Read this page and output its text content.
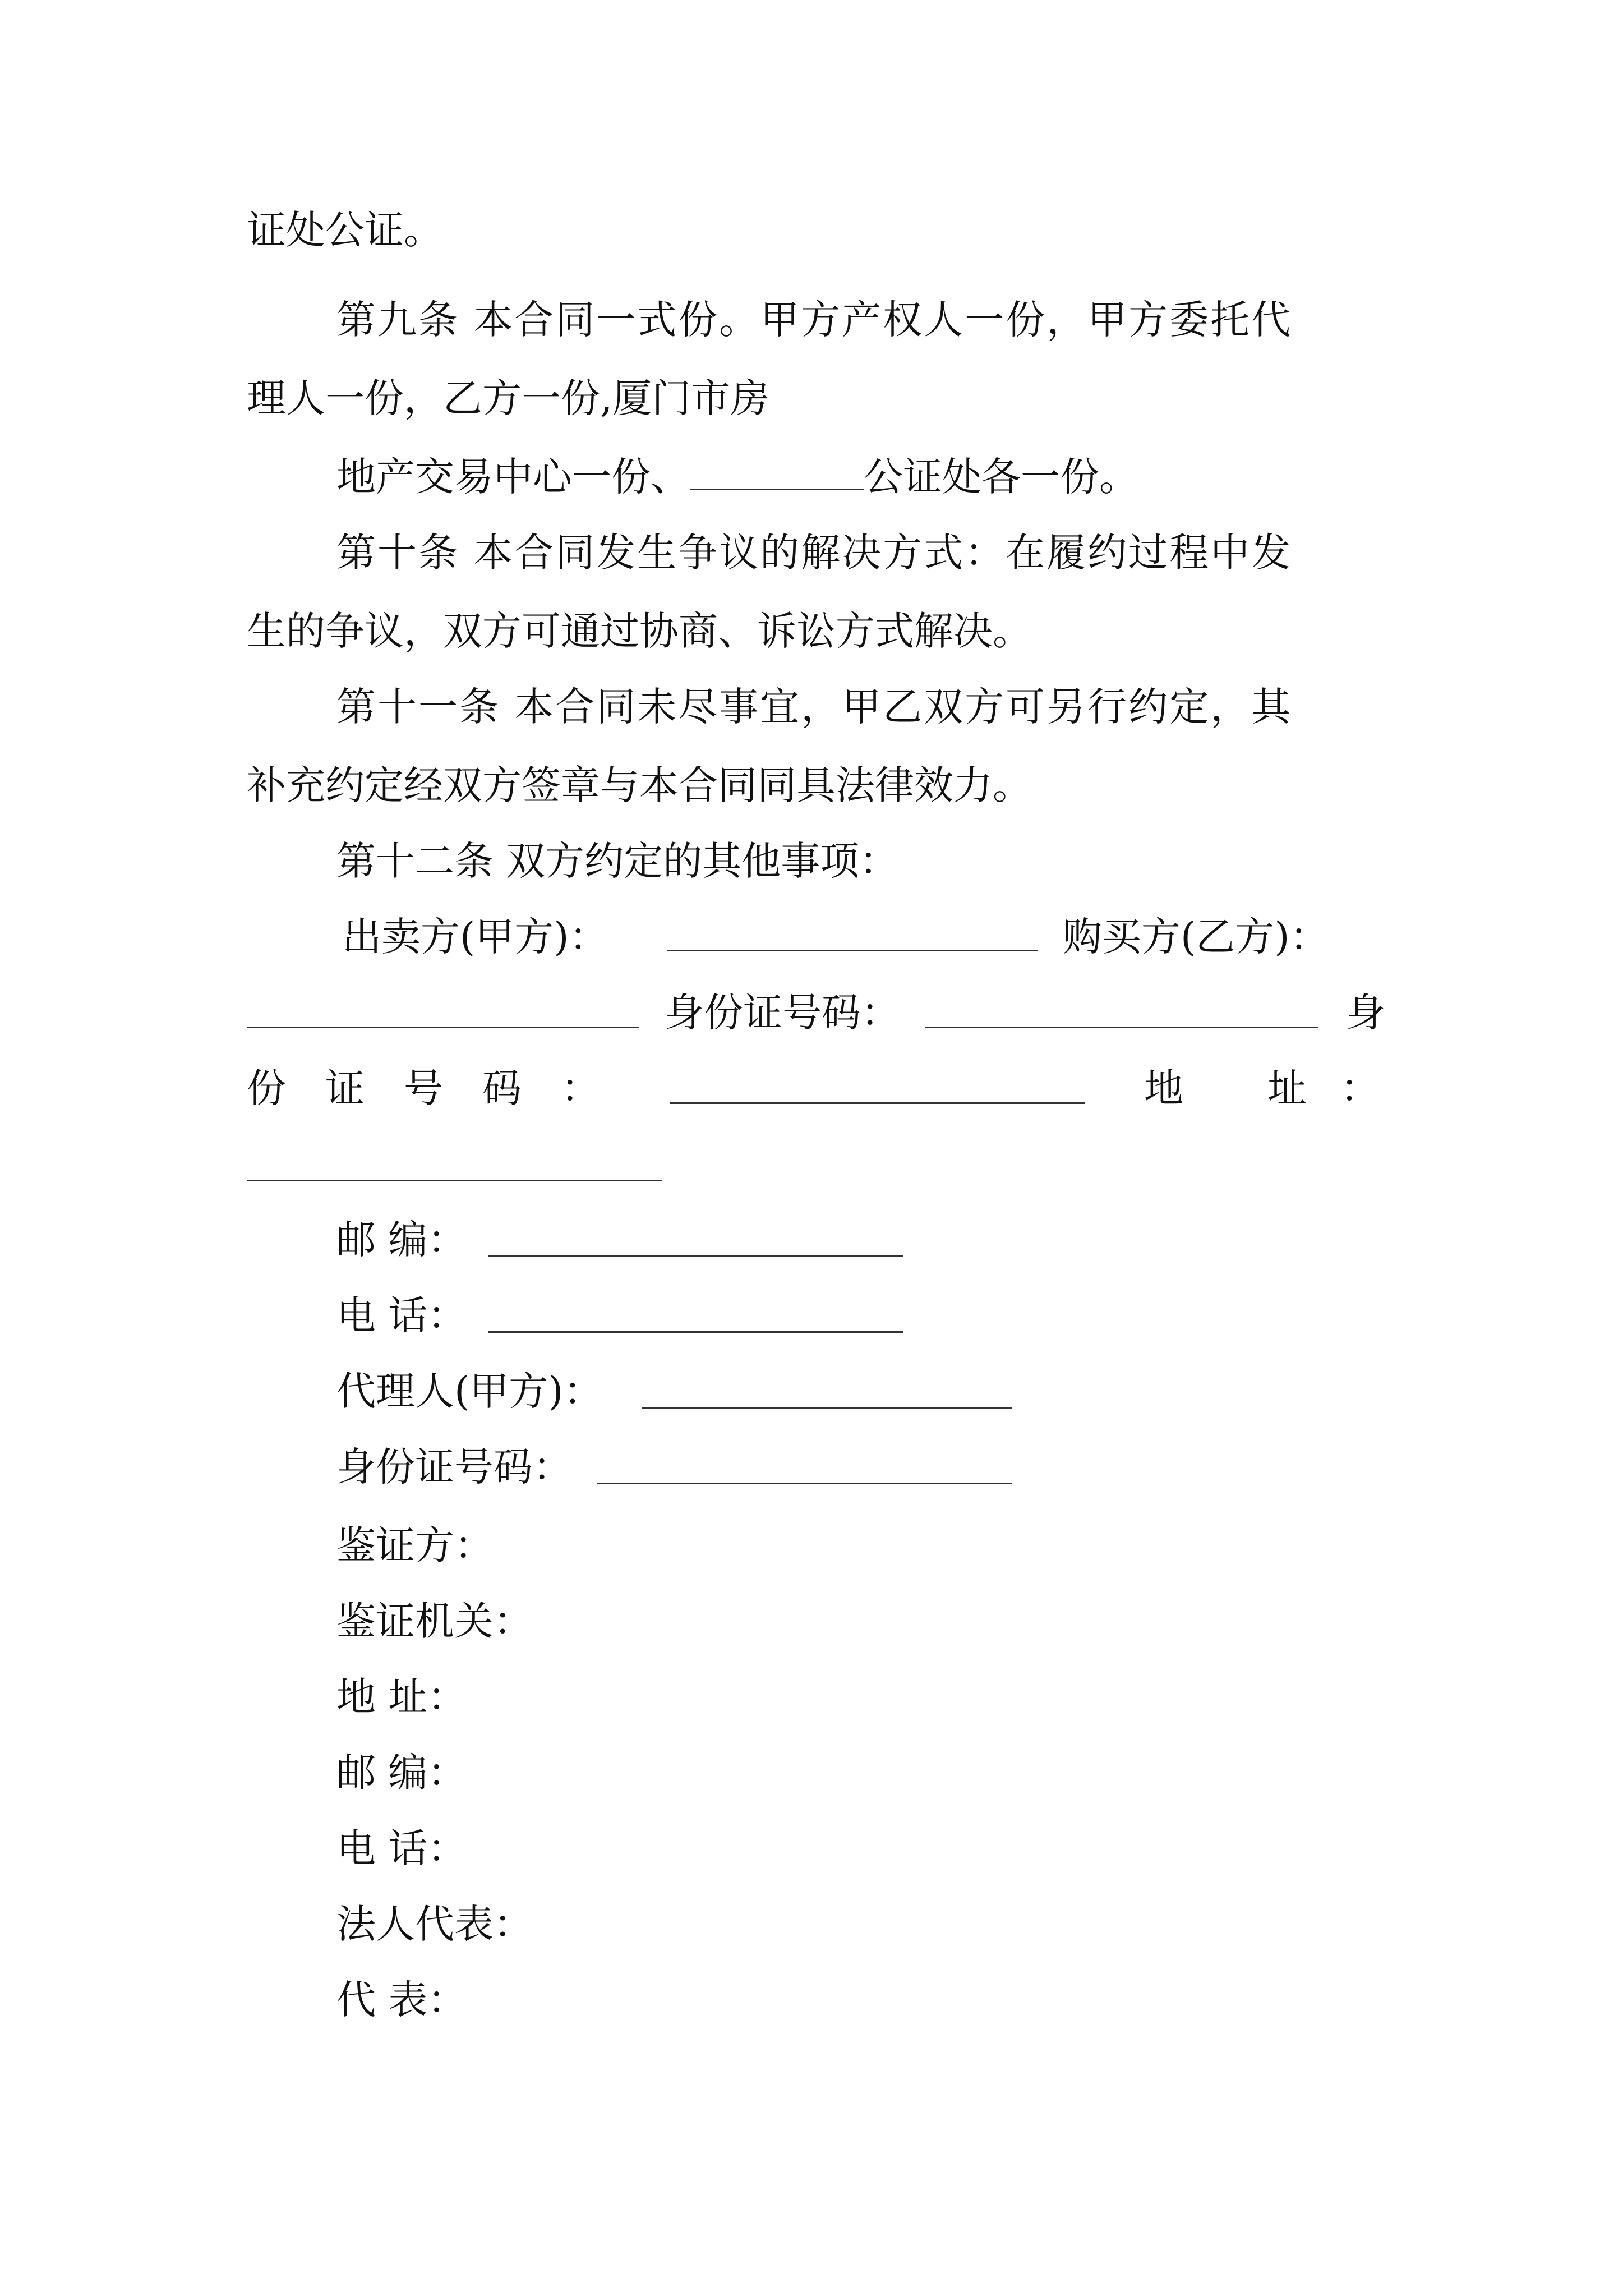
证处公证。
第九条 本合同一式份。甲方产权人一份，甲方委托代
理人一份，乙方一份,厦门市房
地产交易中心一份、	公证处各一份。
第十条 本合同发生争议的解决方式：在履约过程中发
生的争议，双方可通过协商、诉讼方式解决。
第十一条 本合同未尽事宜，甲乙双方可另行约定，其
补充约定经双方签章与本合同同具法律效力。
第十二条 双方约定的其他事项：
出卖方(甲方)：	购买方(乙方)：
身份证号码：	身
份 证 号 码 ：	地 址 ：
邮 编：
电 话：
代理人(甲方)：
身份证号码：
鉴证方：
鉴证机关：
地 址：
邮 编：
电 话：
法人代表：
代 表：
